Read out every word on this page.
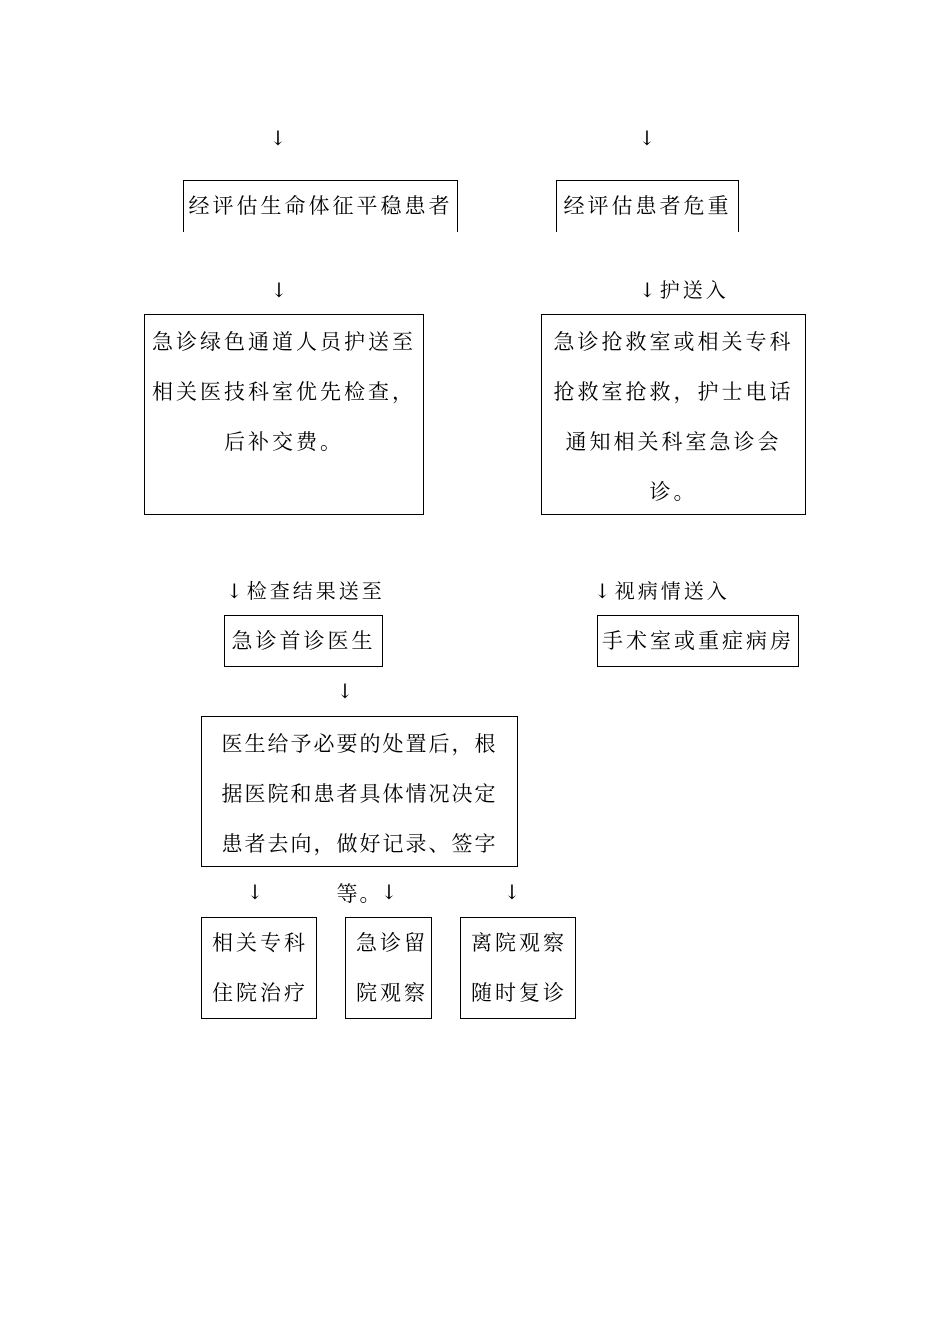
↓	↓
经评估生命体征平稳患者	经评估患者危重
↓	↓ 护送入
急诊绿色通道人员护送至
相关医技科室优先检查，
后补交费。
急诊抢救室或相关专科
抢救室抢救，护士电话
通知相关科室急诊会诊。
↓ 检查结果送至	↓ 视病情送入
急诊首诊医生	手术室或重症病房
↓
医生给予必要的处置后，根
据医院和患者具体情况决定
患者去向，做好记录、签字等。
↓	↓	↓
相关专科
住院治疗
急诊留
院观察
离院观察
随时复诊
